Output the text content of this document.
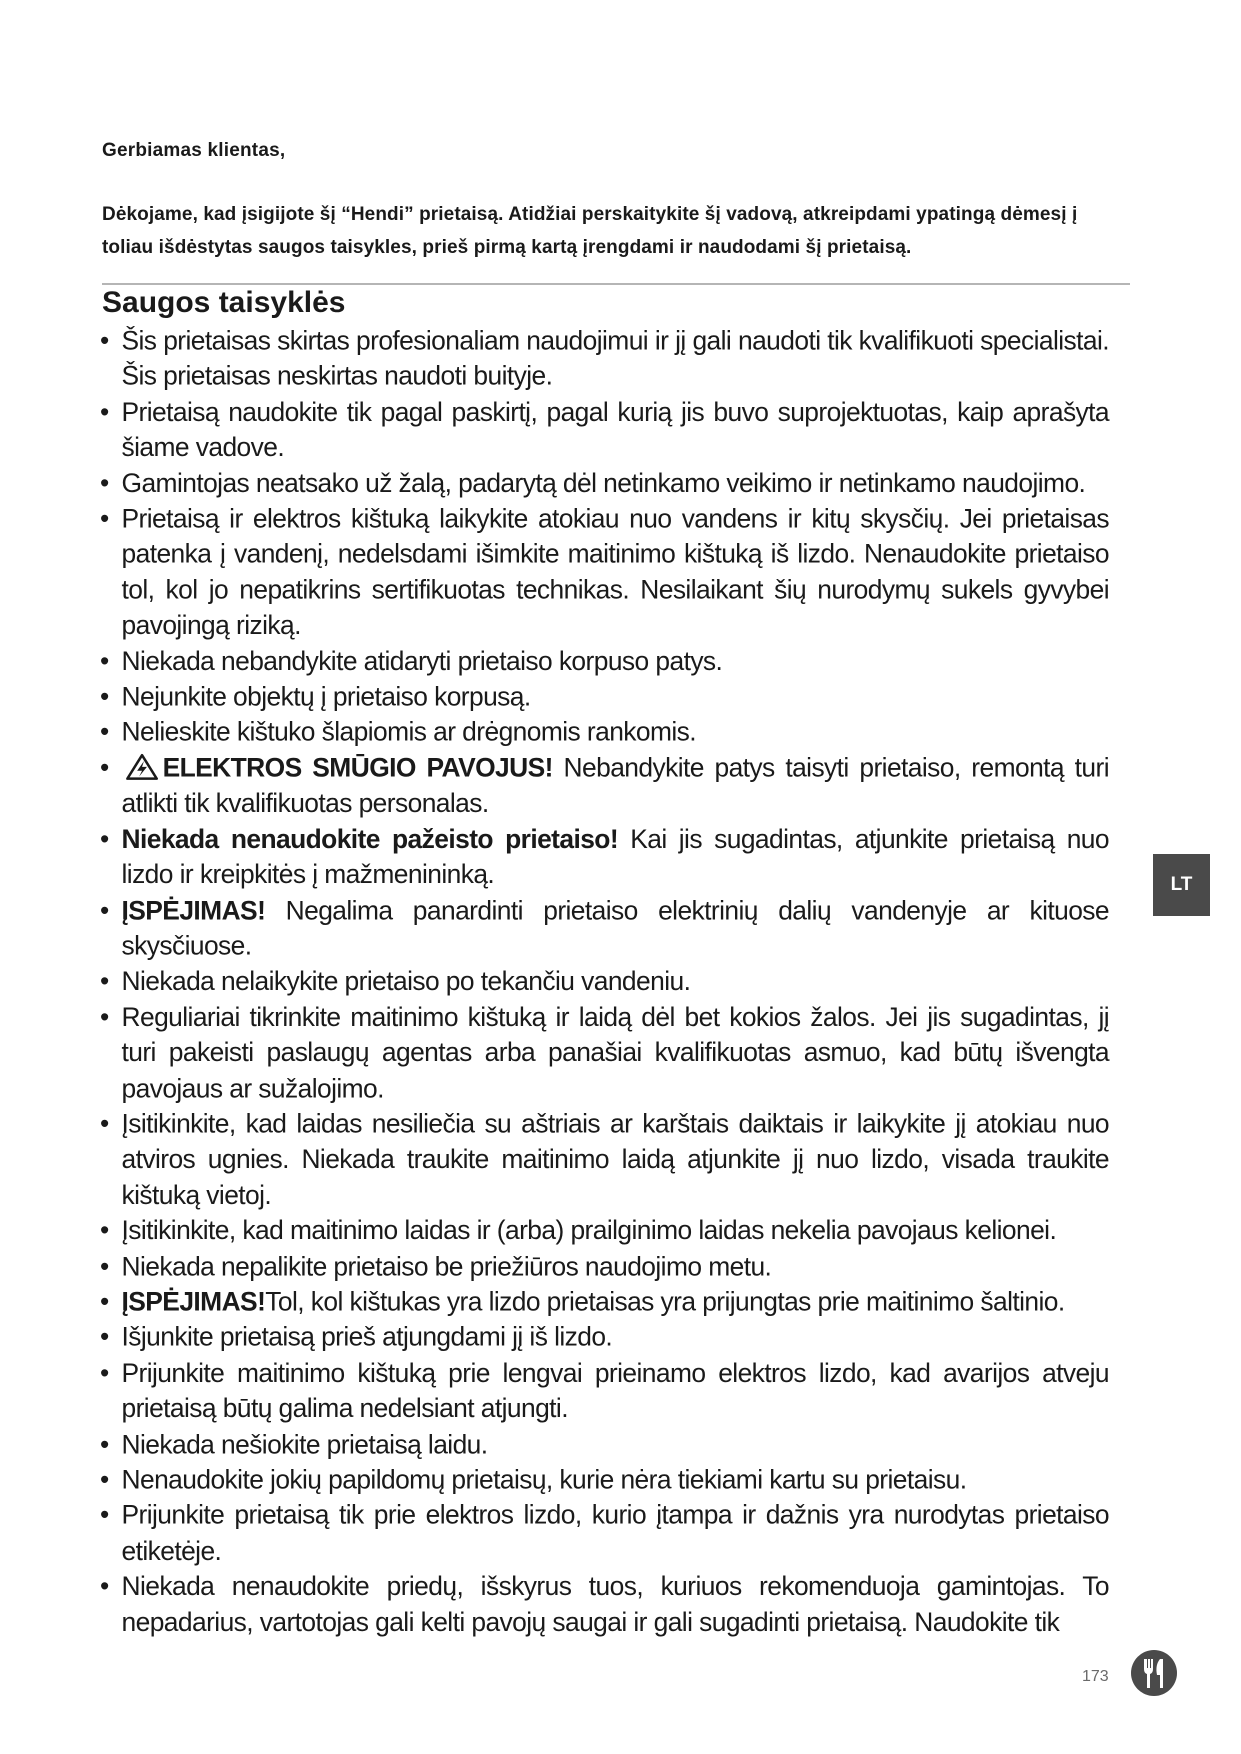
Gerbiamas klientas,
Dėkojame, kad įsigijote šį “Hendi” prietaisą. Atidžiai perskaitykite šį vadovą, atkreipdami ypatingą dėmesį į toliau išdėstytas saugos taisykles, prieš pirmą kartą įrengdami ir naudodami šį prietaisą.
Saugos taisyklės
• Šis prietaisas skirtas profesionaliam naudojimui ir jį gali naudoti tik kvalifikuoti specialistai. Šis prietaisas neskirtas naudoti buityje.
• Prietaisą naudokite tik pagal paskirtį, pagal kurią jis buvo suprojektuotas, kaip aprašyta šiame vadove.
• Gamintojas neatsako už žalą, padarytą dėl netinkamo veikimo ir netinkamo naudojimo.
• Prietaisą ir elektros kištuką laikykite atokiau nuo vandens ir kitų skysčių. Jei prietaisas patenka į vandenį, nedelsdami išimkite maitinimo kištuką iš lizdo. Nenaudokite prietaiso tol, kol jo nepatikrins sertifikuotas technikas. Nesilaikant šių nurodymų sukels gyvybei pavojingą riziką.
• Niekada nebandykite atidaryti prietaiso korpuso patys.
• Nejunkite objektų į prietaiso korpusą.
• Nelieskite kištuko šlapiomis ar drėgnomis rankomis.
• ELEKTROS SMŪGIO PAVOJUS! Nebandykite patys taisyti prietaiso, remontą turi atlikti tik kvalifikuotas personalas.
• Niekada nenaudokite pažeisto prietaiso! Kai jis sugadintas, atjunkite prietaisą nuo lizdo ir kreipkitės į mažmenininką.
• ĮSPĖJIMAS! Negalima panardinti prietaiso elektrinių dalių vandenyje ar kituose skysčiuose.
• Niekada nelaikykite prietaiso po tekančiu vandeniu.
• Reguliariai tikrinkite maitinimo kištuką ir laidą dėl bet kokios žalos. Jei jis sugadintas, jį turi pakeisti paslaugų agentas arba panašiai kvalifikuotas asmuo, kad būtų išvengta pavojaus ar sužalojimo.
• Įsitikinkite, kad laidas nesiliečia su aštriais ar karštais daiktais ir laikykite jį atokiau nuo atviros ugnies. Niekada traukite maitinimo laidą atjunkite jį nuo lizdo, visada traukite kištuką vietoj.
• Įsitikinkite, kad maitinimo laidas ir (arba) prailginimo laidas nekelia pavojaus kelionei.
• Niekada nepalikite prietaiso be priežiūros naudojimo metu.
• ĮSPĖJIMAS!Tol, kol kištukas yra lizdo prietaisas yra prijungtas prie maitinimo šaltinio.
• Išjunkite prietaisą prieš atjungdami jį iš lizdo.
• Prijunkite maitinimo kištuką prie lengvai prieinamo elektros lizdo, kad avarijos atveju prietaisą būtų galima nedelsiant atjungti.
• Niekada nešiokite prietaisą laidu.
• Nenaudokite jokių papildomų prietaisų, kurie nėra tiekiami kartu su prietaisu.
• Prijunkite prietaisą tik prie elektros lizdo, kurio įtampa ir dažnis yra nurodytas prietaiso etiketėje.
• Niekada nenaudokite priedų, išskyrus tuos, kuriuos rekomenduoja gamintojas. To nepadarius, vartotojas gali kelti pavojų saugai ir gali sugadinti prietaisą. Naudokite tik
LT
173
